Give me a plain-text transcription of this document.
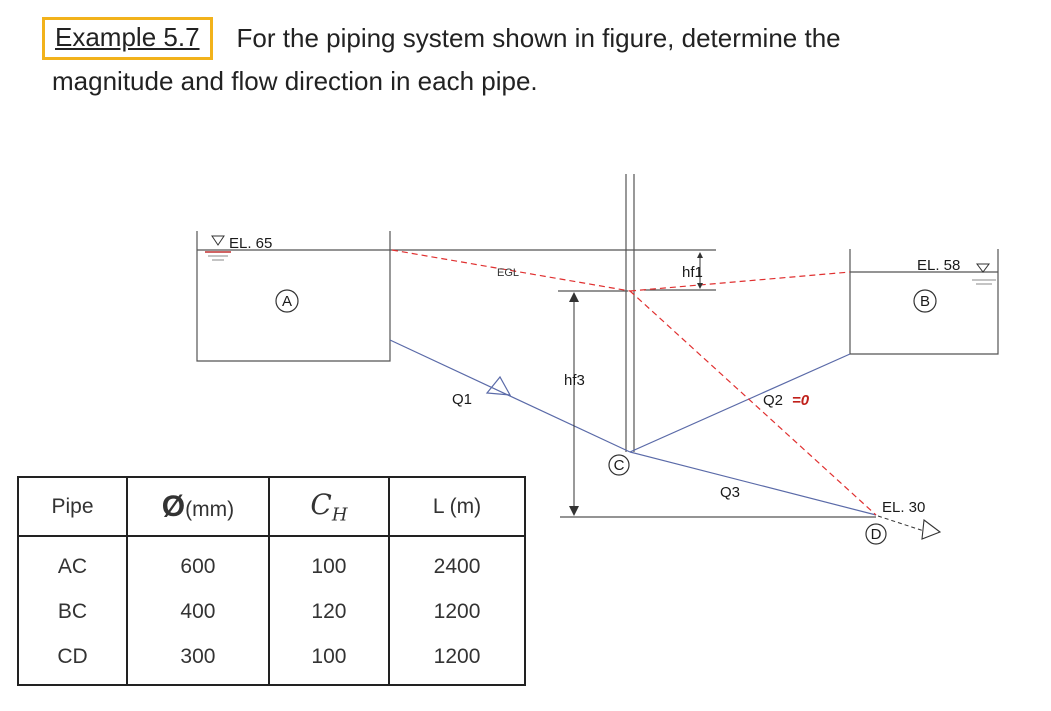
Example 5.7	For the piping system shown in figure, determine the
magnitude and flow direction in each pipe.
EL. 65
A
EL. 58
B
EGL	hf1
hf3
Q1	Q2 =0
Q3
C
D
EL. 30
Pipe	Ø(mm)	$C_H$	L (m)
AC	600	100	2400
BC	400	120	1200
CD	300	100	1200
